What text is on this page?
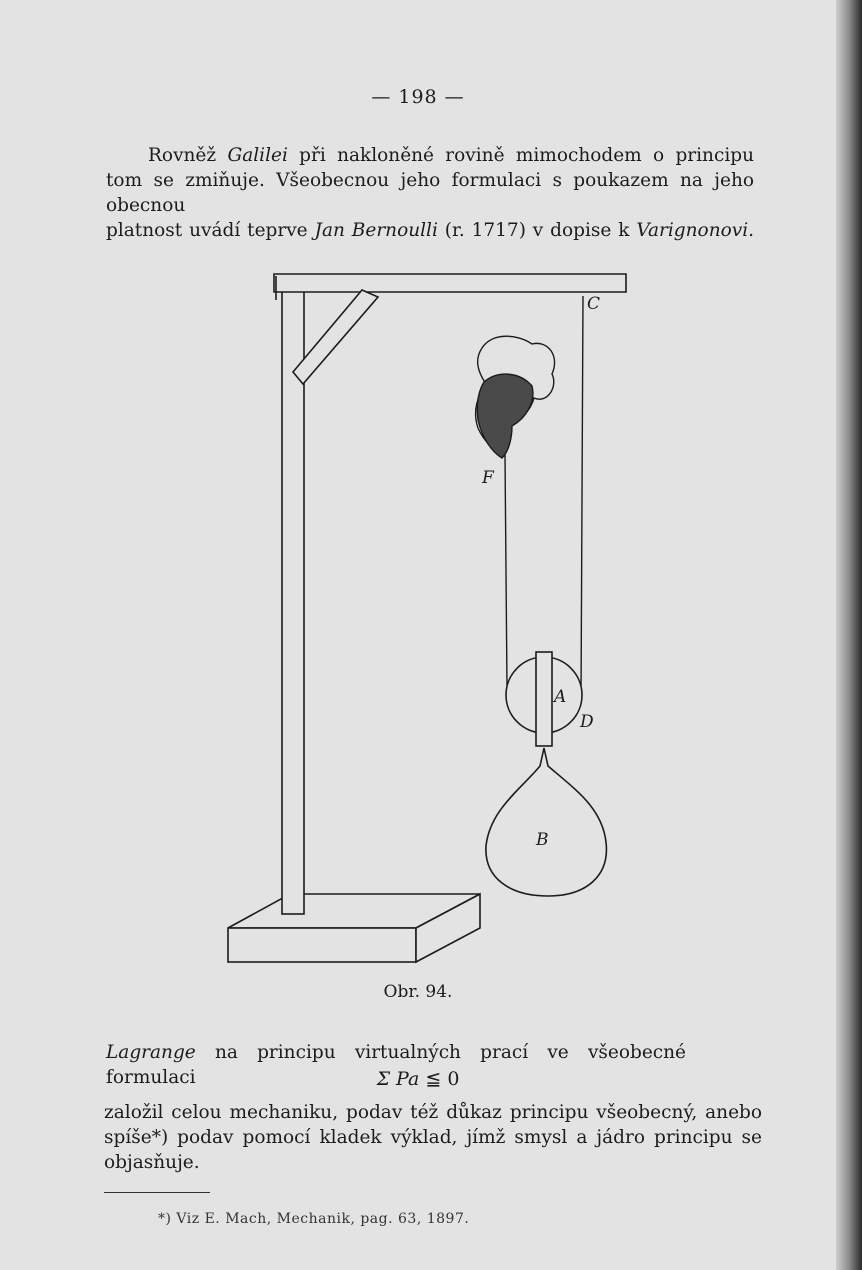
— 198 —
Rovněž Galilei při nakloněné rovině mimochodem o principu
tom se zmiňuje. Všeobecnou jeho formulaci s poukazem na jeho obecnou
platnost uvádí teprve Jan Bernoulli (r. 1717) v dopise k Varignonovi.
C
F
A
D
B
Obr. 94.
Lagrange na principu virtualných prací ve všeobecné formulaci	Σ Pa ≦ 0
založil celou mechaniku, podav též důkaz principu všeobecný, anebo
spíše*) podav pomocí kladek výklad, jímž smysl a jádro principu se
objasňuje.
*) Viz E. Mach, Mechanik, pag. 63, 1897.
